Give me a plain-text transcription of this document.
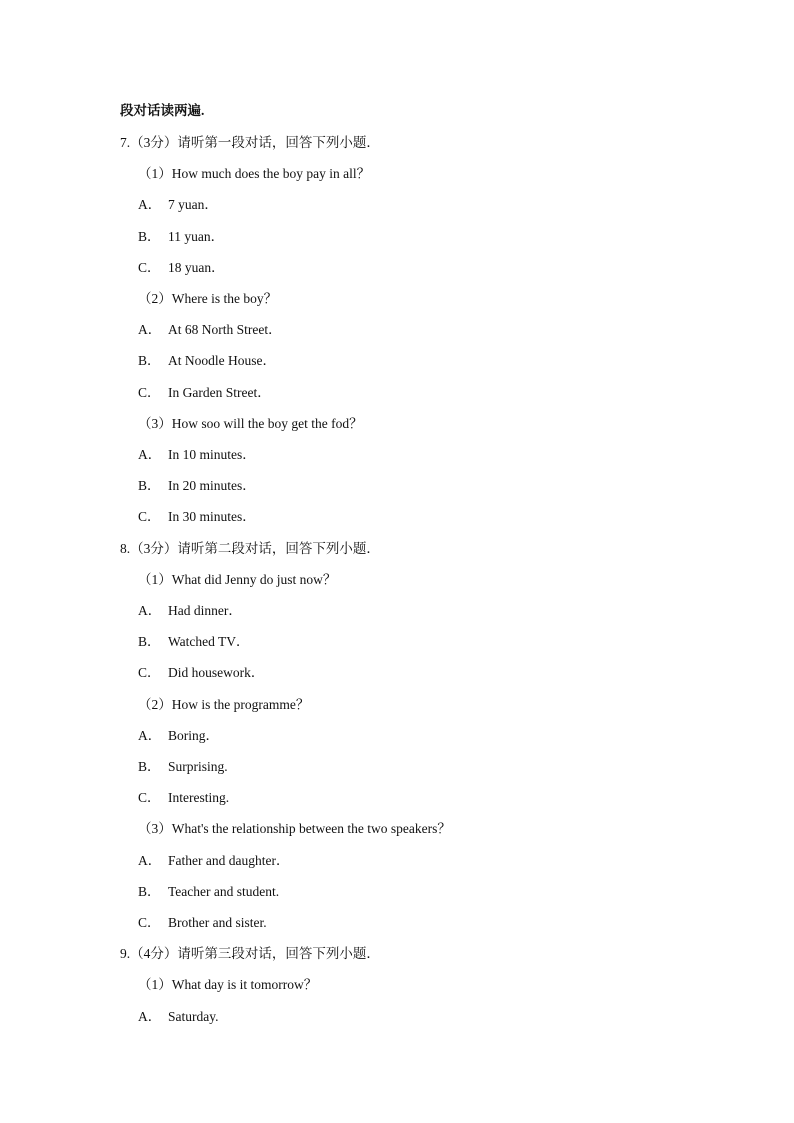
段对话读两遍.
7.（3分）请听第一段对话，回答下列小题．
（1）How much does the boy pay in all？
A． 7 yuan．
B． 11 yuan．
C． 18 yuan．
（2）Where is the boy？
A． At 68 North Street．
B． At Noodle House．
C． In Garden Street．
（3）How soo will the boy get the fod？
A． In 10 minutes．
B． In 20 minutes．
C． In 30 minutes．
8.（3分）请听第二段对话，回答下列小题．
（1）What did Jenny do just now？
A． Had dinner．
B． Watched TV．
C． Did housework．
（2）How is the programme？
A． Boring．
B． Surprising.
C． Interesting.
（3）What's the relationship between the two speakers？
A． Father and daughter．
B． Teacher and student.
C． Brother and sister.
9.（4分）请听第三段对话，回答下列小题．
（1）What day is it tomorrow？
A． Saturday.
